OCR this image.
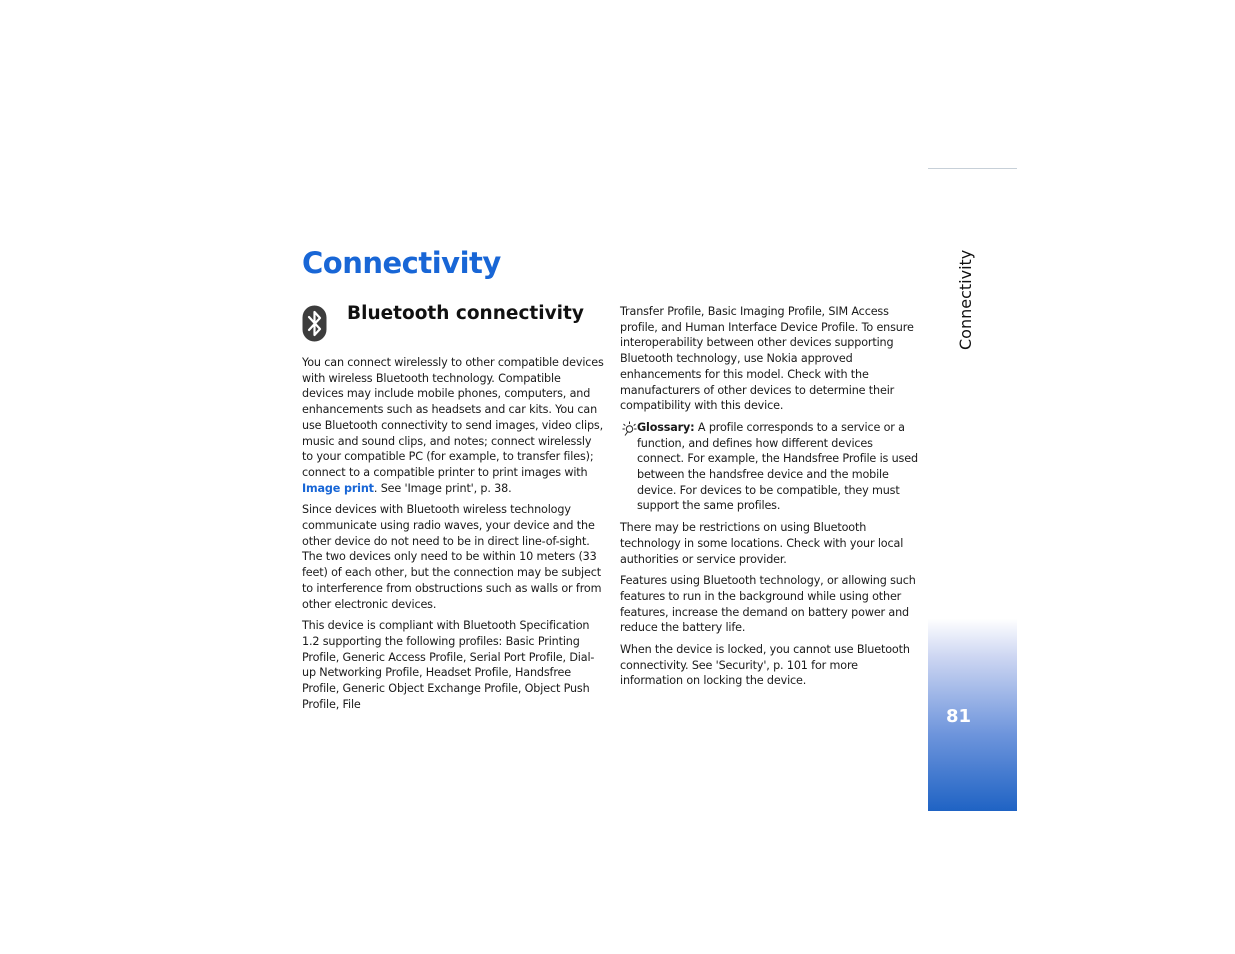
Connectivity
Bluetooth connectivity

You can connect wirelessly to other compatible devices with wireless Bluetooth technology. Compatible devices may include mobile phones, computers, and enhancements such as headsets and car kits. You can use Bluetooth connectivity to send images, video clips, music and sound clips, and notes; connect wirelessly to your compatible PC (for example, to transfer files); connect to a compatible printer to print images with Image print. See 'Image print', p. 38.

Since devices with Bluetooth wireless technology communicate using radio waves, your device and the other device do not need to be in direct line-of-sight. The two devices only need to be within 10 meters (33 feet) of each other, but the connection may be subject to interference from obstructions such as walls or from other electronic devices.

This device is compliant with Bluetooth Specification 1.2 supporting the following profiles: Basic Printing Profile, Generic Access Profile, Serial Port Profile, Dial-up Networking Profile, Headset Profile, Handsfree Profile, Generic Object Exchange Profile, Object Push Profile, File

Transfer Profile, Basic Imaging Profile, SIM Access profile, and Human Interface Device Profile. To ensure interoperability between other devices supporting Bluetooth technology, use Nokia approved enhancements for this model. Check with the manufacturers of other devices to determine their compatibility with this device.

Glossary: A profile corresponds to a service or a function, and defines how different devices connect. For example, the Handsfree Profile is used between the handsfree device and the mobile device. For devices to be compatible, they must support the same profiles.

There may be restrictions on using Bluetooth technology in some locations. Check with your local authorities or service provider.

Features using Bluetooth technology, or allowing such features to run in the background while using other features, increase the demand on battery power and reduce the battery life.

When the device is locked, you cannot use Bluetooth connectivity. See 'Security', p. 101 for more information on locking the device.

Connectivity
81
